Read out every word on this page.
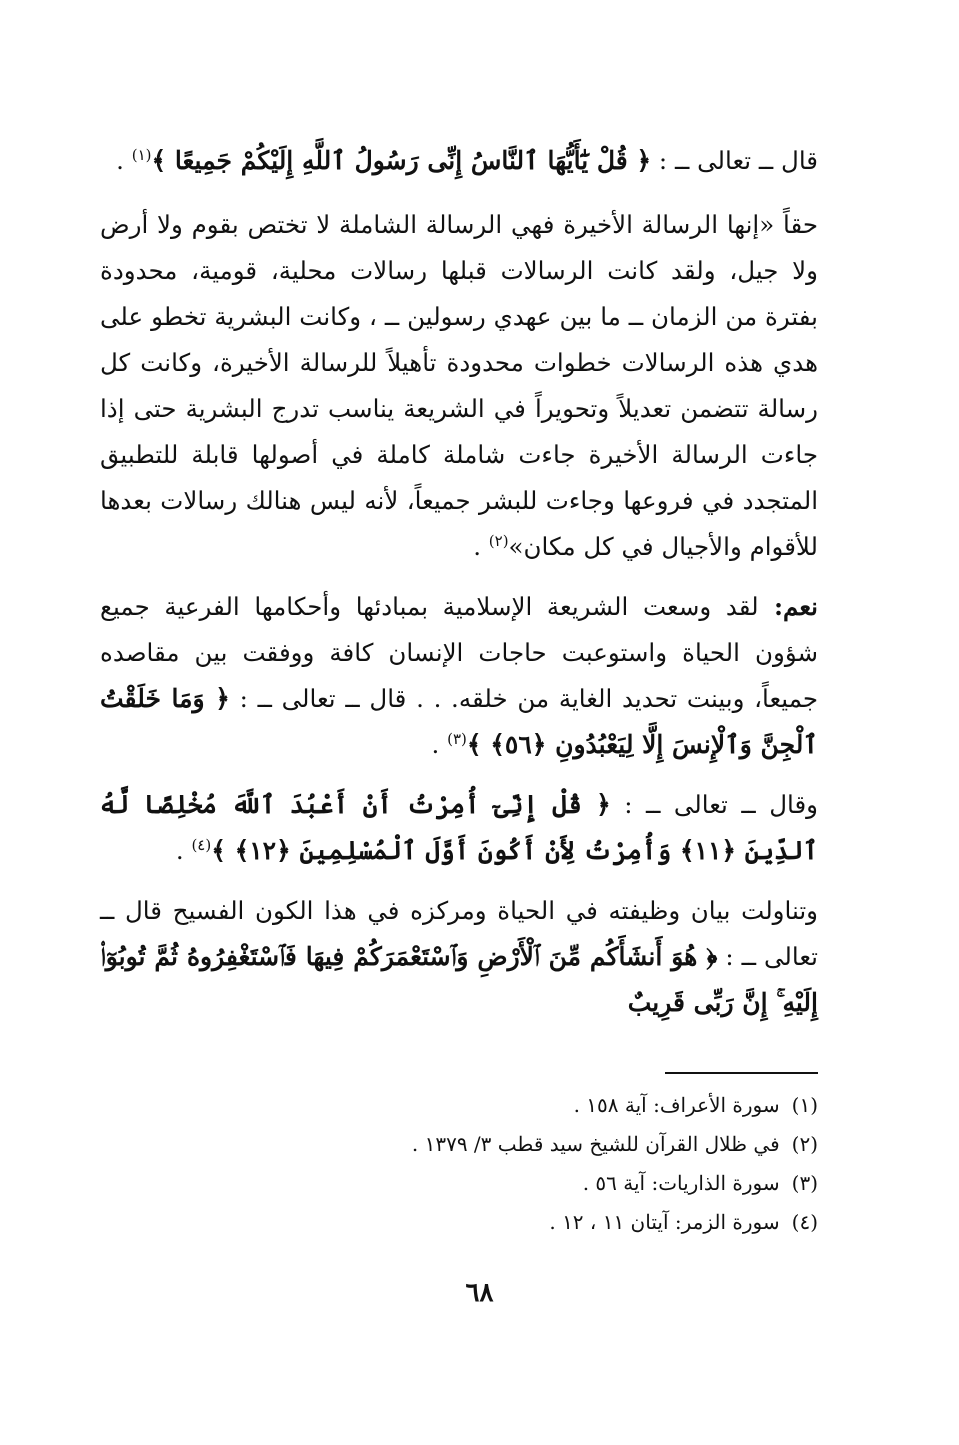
قال ــ تعالى ــ : ﴿ قُلْ يَٰٓأَيُّهَا ٱلنَّاسُ إِنِّى رَسُولُ ٱللَّهِ إِلَيْكُمْ جَمِيعًا ﴾$^{(١)}$ .

حقاً «إنها الرسالة الأخيرة فهي الرسالة الشاملة لا تختص بقوم ولا أرض ولا جيل، ولقد كانت الرسالات قبلها رسالات محلية، قومية، محدودة بفترة من الزمان ــ ما بين عهدي رسولين ــ ، وكانت البشرية تخطو على هدي هذه الرسالات خطوات محدودة تأهيلاً للرسالة الأخيرة، وكانت كل رسالة تتضمن تعديلاً وتحويراً في الشريعة يناسب تدرج البشرية حتى إذا جاءت الرسالة الأخيرة جاءت شاملة كاملة في أصولها قابلة للتطبيق المتجدد في فروعها وجاءت للبشر جميعاً، لأنه ليس هنالك رسالات بعدها للأقوام والأجيال في كل مكان»$^{(٢)}$ .

نعم: لقد وسعت الشريعة الإسلامية بمبادئها وأحكامها الفرعية جميع شؤون الحياة واستوعبت حاجات الإنسان كافة ووفقت بين مقاصده جميعاً، وبينت تحديد الغاية من خلقه. . . قال ــ تعالى ــ : ﴿ وَمَا خَلَقْتُ ٱلْجِنَّ وَٱلْإِنسَ إِلَّا لِيَعْبُدُونِ ﴿٥٦﴾ ﴾$^{(٣)}$ .

وقال ــ تعالى ــ : ﴿ قُلْ إِنِّىٓ أُمِرْتُ أَنْ أَعْبُدَ ٱللَّهَ مُخْلِصًا لَّهُ ٱلدِّينَ ﴿١١﴾ وَأُمِرْتُ لِأَنْ أَكُونَ أَوَّلَ ٱلْمُسْلِمِينَ ﴿١٢﴾ ﴾$^{(٤)}$ .

وتناولت بيان وظيفته في الحياة ومركزه في هذا الكون الفسيح قال ــ تعالى ــ : ﴿ هُوَ أَنشَأَكُم مِّنَ ٱلْأَرْضِ وَٱسْتَعْمَرَكُمْ فِيهَا فَٱسْتَغْفِرُوهُ ثُمَّ تُوبُوٓا۟ إِلَيْهِ ۚ إِنَّ رَبِّى قَرِيبٌ

(١)سورة الأعراف: آية ١٥٨ .
(٢)في ظلال القرآن للشيخ سيد قطب ٣/ ١٣٧٩ .
(٣)سورة الذاريات: آية ٥٦ .
(٤)سورة الزمر: آيتان ١١ ، ١٢ .
٦٨
